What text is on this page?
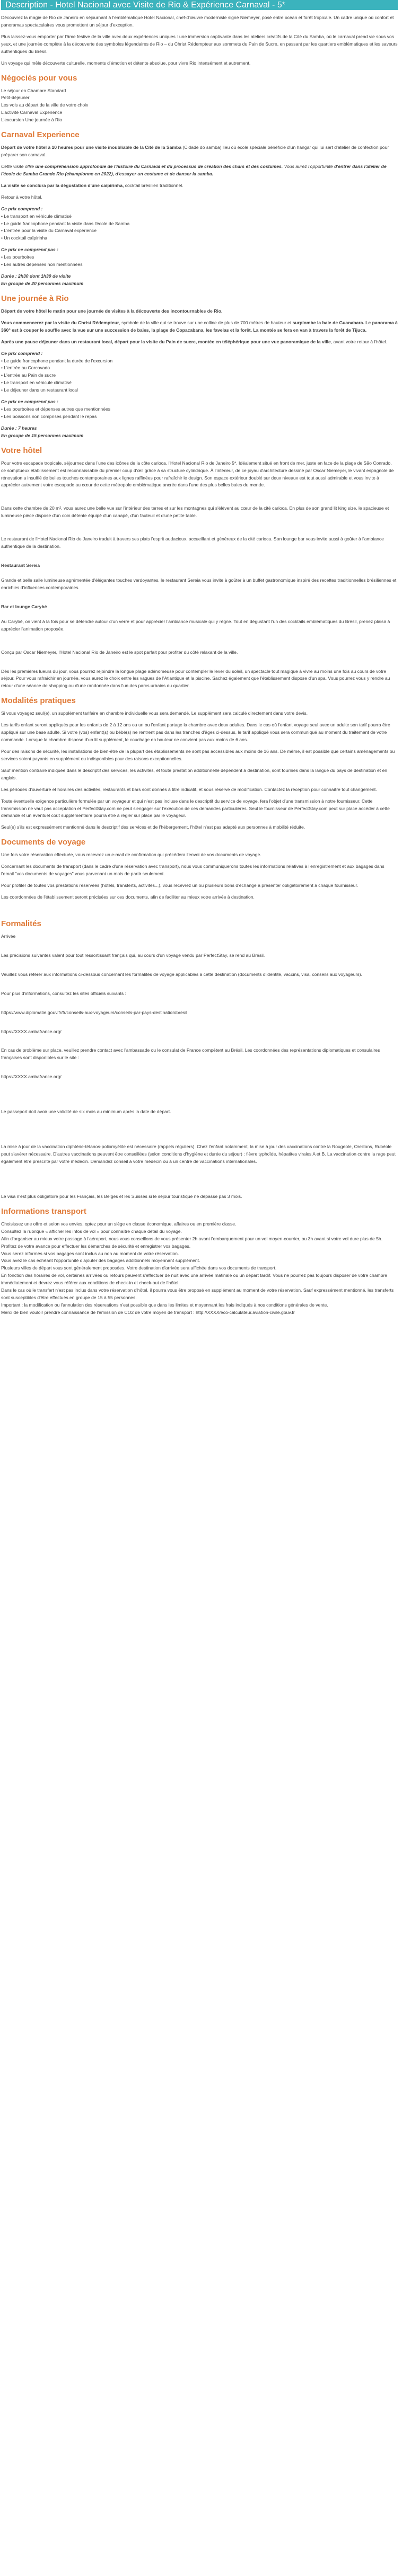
Description - Hotel Nacional avec Visite de Rio & Expérience Carnaval - 5*

Découvrez la magie de Rio de Janeiro en séjournant à l'emblématique Hotel Nacional, chef-d'œuvre moderniste signé Niemeyer, posé entre océan et forêt tropicale. Un cadre unique où confort et panoramas spectaculaires vous promettent un séjour d'exception.

Plus laissez-vous emporter par l'âme festive de la ville avec deux expériences uniques : une immersion captivante dans les ateliers créatifs de la Cité du Samba, où le carnaval prend vie sous vos yeux, et une journée complète à la découverte des symboles légendaires de Rio – du Christ Rédempteur aux sommets du Pain de Sucre, en passant par les quartiers emblématiques et les saveurs authentiques du Brésil.

Un voyage qui mêle découverte culturelle, moments d'émotion et détente absolue, pour vivre Rio intensément et autrement.

Négociés pour vous
Le séjour en Chambre Standard
Petit-déjeuner
Les vols au départ de la ville de votre choix
L'activité Carnaval Experience
L'excursion Une journée à Rio
Carnaval Experience

Départ de votre hôtel à 10 heures pour une visite inoubliable de la Cité de la Samba (Cidade do samba) lieu où école spéciale bénéficie d'un hangar qui lui sert d'atelier de confection pour préparer son carnaval.

Cette visite offre une compréhension approfondie de l'histoire du Carnaval et du processus de création des chars et des costumes. Vous aurez l'opportunité d'entrer dans l'atelier de l'école de Samba Grande Rio (championne en 2022), d'essayer un costume et de danser la samba.

La visite se conclura par la dégustation d'une caïpirinha, cocktail brésilien traditionnel.

Retour à votre hôtel.

Ce prix comprend :
• Le transport en véhicule climatisé
• Le guide francophone pendant la visite dans l'école de Samba
• L'entrée pour la visite du Carnaval expérience
• Un cocktail caïpirinha
Ce prix ne comprend pas :
• Les pourboires
• Les autres dépenses non mentionnées
Durée : 2h30 dont 1h30 de visite
En groupe de 20 personnes maximum
Une journée à Rio

Départ de votre hôtel le matin pour une journée de visites à la découverte des incontournables de Rio.

Vous commencerez par la visite du Christ Rédempteur, symbole de la ville qui se trouve sur une colline de plus de 700 mètres de hauteur et surplombe la baie de Guanabara. Le panorama à 360° est à couper le souffle avec la vue sur une succession de baies, la plage de Copacabana, les favelas et la forêt. La montée se fera en van à travers la forêt de Tijuca.

Après une pause déjeuner dans un restaurant local, départ pour la visite du Pain de sucre, montée en téléphérique pour une vue panoramique de la ville, avant votre retour à l'hôtel.

Ce prix comprend :
• Le guide francophone pendant la durée de l'excursion
• L'entrée au Corcovado
• L'entrée au Pain de sucre
• Le transport en véhicule climatisé
• Le déjeuner dans un restaurant local
Ce prix ne comprend pas :
• Les pourboires et dépenses autres que mentionnées
• Les boissons non comprises pendant le repas
Durée : 7 heures
En groupe de 15 personnes maximum
Votre hôtel

Pour votre escapade tropicale, séjournez dans l'une des icônes de la côte carioca, l'Hotel Nacional Rio de Janeiro 5*. Idéalement situé en front de mer, juste en face de la plage de São Conrado, ce somptueux établissement est reconnaissable du premier coup d'œil grâce à sa structure cylindrique. À l'intérieur, de ce joyau d'architecture dessiné par Oscar Niemeyer, le vivant espagnole de rénovation a insufflé de belles touches contemporaines aux lignes raffinées pour rafraîchir le design. Son espace extérieur doublé sur deux niveaux est tout aussi admirable et vous invite à apprécier autrement votre escapade au cœur de cette métropole emblématique ancrée dans l'une des plus belles baies du monde.

Dans cette chambre de 20 m², vous aurez une belle vue sur l'intérieur des terres et sur les montagnes qui s'élèvent au cœur de la cité carioca. En plus de son grand lit king size, le spacieuse et lumineuse pièce dispose d'un coin détente équipé d'un canapé, d'un fauteuil et d'une petite table.

Le restaurant de l'Hotel Nacional Rio de Janeiro traduit à travers ses plats l'esprit audacieux, accueillant et généreux de la cité carioca. Son lounge bar vous invite aussi à goûter à l'ambiance authentique de la destination.

Restaurant Sereia

Grande et belle salle lumineuse agrémentée d'élégantes touches verdoyantes, le restaurant Sereia vous invite à goûter à un buffet gastronomique inspiré des recettes traditionnelles brésiliennes et enrichies d'influences contemporaines.

Bar et lounge Carybé

Au Carybé, on vient à la fois pour se détendre autour d'un verre et pour apprécier l'ambiance musicale qui y règne. Tout en dégustant l'un des cocktails emblématiques du Brésil, prenez plaisir à apprécier l'animation proposée.

Conçu par Oscar Niemeyer, l'Hotel Nacional Rio de Janeiro est le spot parfait pour profiter du côté relaxant de la ville.

Dès les premières lueurs du jour, vous pourrez rejoindre la longue plage adénomeuse pour contempler le lever du soleil, un spectacle tout magique à vivre au moins une fois au cours de votre séjour. Pour vous rafraîchir en journée, vous aurez le choix entre les vagues de l'Atlantique et la piscine. Sachez également que l'établissement dispose d'un spa. Vous pourrez vous y rendre au retour d'une séance de shopping ou d'une randonnée dans l'un des parcs urbains du quartier.

Modalités pratiques

Si vous voyagez seul(e), un supplément tarifaire en chambre individuelle vous sera demandé. Le supplément sera calculé directement dans votre devis.

Les tarifs enfant seront appliqués pour les enfants de 2 à 12 ans ou un ou l'enfant partage la chambre avec deux adultes. Dans le cas où l'enfant voyage seul avec un adulte son tarif pourra être appliqué sur une base adulte. Si votre (vos) enfant(s) ou bébé(s) ne rentrent pas dans les tranches d'âges ci-dessus, le tarif appliqué vous sera communiqué au moment du traitement de votre commande. Lorsque la chambre dispose d'un lit supplément, le couchage en hauteur ne convient pas aux moins de 6 ans.

Pour des raisons de sécurité, les installations de bien-être de la plupart des établissements ne sont pas accessibles aux moins de 16 ans. De même, il est possible que certains aménagements ou services soient payants en supplément ou indisponibles pour des raisons exceptionnelles.

Sauf mention contraire indiquée dans le descriptif des services, les activités, et toute prestation additionnelle dépendent à destination, sont fournies dans la langue du pays de destination et en anglais.

Les périodes d'ouverture et horaires des activités, restaurants et bars sont donnés à titre indicatif, et sous réserve de modification. Contactez la réception pour connaître tout changement.

Toute éventuelle exigence particulière formulée par un voyageur et qui n'est pas incluse dans le descriptif du service de voyage, fera l'objet d'une transmission à notre fournisseur. Cette transmission ne vaut pas acceptation et PerfectStay.com ne peut s'engager sur l'exécution de ces demandes particulières. Seul le fournisseur de PerfectStay.com peut sur place accéder à cette demande et un éventuel coût supplémentaire pourra être à régler sur place par le voyageur.

Seul(e) s'ils est expressément mentionné dans le descriptif des services et de l'hébergement, l'hôtel n'est pas adapté aux personnes à mobilité réduite.

Documents de voyage

Une fois votre réservation effectuée, vous recevrez un e-mail de confirmation qui précédera l'envoi de vos documents de voyage.

Concernant les documents de transport (dans le cadre d'une réservation avec transport), nous vous communiquerons toutes les informations relatives à l'enregistrement et aux bagages dans l'email "vos documents de voyages" vous parvenant un mois de partir seulement.

Pour profiter de toutes vos prestations réservées (hôtels, transferts, activités...), vous recevrez un ou plusieurs bons d'échange à présenter obligatoirement à chaque fournisseur.

Les coordonnées de l'établissement seront précisées sur ces documents, afin de faciliter au mieux votre arrivée à destination.

Formalités

Arrivée

Les précisions suivantes valent pour tout ressortissant français qui, au cours d'un voyage vendu par PerfectStay, se rend au Brésil.

Veuillez vous référer aux informations ci-dessous concernant les formalités de voyage applicables à cette destination (documents d'identité, vaccins, visa, conseils aux voyageurs).

Pour plus d'informations, consultez les sites officiels suivants :

https://www.diplomatie.gouv.fr/fr/conseils-aux-voyageurs/conseils-par-pays-destination/bresil

https://XXXX.ambafrance.org/

En cas de problème sur place, veuillez prendre contact avec l'ambassade ou le consulat de France compétent au Brésil. Les coordonnées des représentations diplomatiques et consulaires françaises sont disponibles sur le site :

https://XXXX.ambafrance.org/

Le passeport doit avoir une validité de six mois au minimum après la date de départ.

La mise à jour de la vaccination diphtérie-tétanos-poliomyélite est nécessaire (rappels réguliers). Chez l'enfant notamment, la mise à jour des vaccinations contre la Rougeole, Oreillons, Rubéole peut s'avérer nécessaire. D'autres vaccinations peuvent être conseillées (selon conditions d'hygiène et durée du séjour) : fièvre typhoïde, hépatites virales A et B. La vaccination contre la rage peut également être prescrite par votre médecin. Demandez conseil à votre médecin ou à un centre de vaccinations internationales.

Le visa n'est plus obligatoire pour les Français, les Belges et les Suisses si le séjour touristique ne dépasse pas 3 mois.

Informations transport
Choisissez une offre et selon vos envies, optez pour un siège en classe économique, affaires ou en première classe.
Consultez la rubrique « afficher les infos de vol » pour connaître chaque détail du voyage.
Afin d'organiser au mieux votre passage à l'aéroport, nous vous conseillons de vous présenter 2h avant l'embarquement pour un vol moyen-courrier, ou 3h avant si votre vol dure plus de 5h. Profitez de votre avance pour effectuer les démarches de sécurité et enregistrer vos bagages.
Vous serez informés si vos bagages sont inclus au non au moment de votre réservation.
Vous avez le cas échéant l'opportunité d'ajouter des bagages additionnels moyennant supplément.
Plusieurs villes de départ vous sont généralement proposées. Votre destination d'arrivée sera affichée dans vos documents de transport.
En fonction des horaires de vol, certaines arrivées ou retours peuvent s'effectuer de nuit avec une arrivée matinale ou un départ tardif. Vous ne pourrez pas toujours disposer de votre chambre immédiatement et devrez vous référer aux conditions de check-in et check-out de l'hôtel.
Dans le cas où le transfert n'est pas inclus dans votre réservation d'hôtel, il pourra vous être proposé en supplément au moment de votre réservation. Sauf expressément mentionné, les transferts sont susceptibles d'être effectués en groupe de 15 à 55 personnes.
Important : la modification ou l'annulation des réservations n'est possible que dans les limites et moyennant les frais indiqués à nos conditions générales de vente.
Merci de bien vouloir prendre connaissance de l'émission de CO2 de votre moyen de transport : http://XXXX/eco-calculateur.aviation-civile.gouv.fr
